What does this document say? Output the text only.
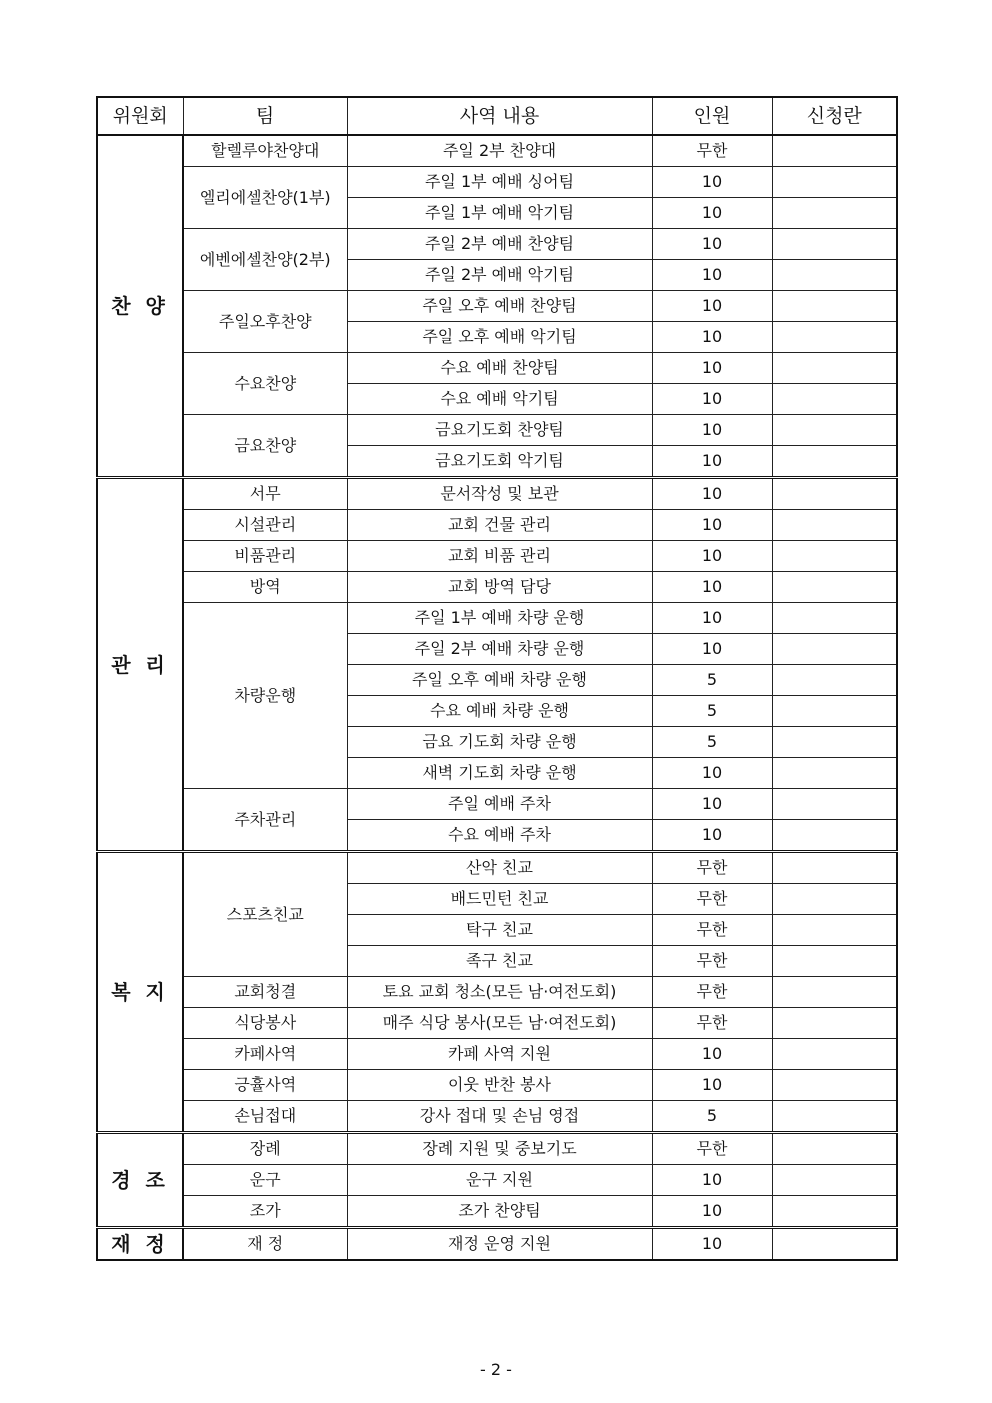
위원회	팀	사역 내용	인원	신청란
찬 양	할렐루야찬양대	주일 2부 찬양대	무한	
	엘리에셀찬양(1부)	주일 1부 예배 싱어팀	10	
		주일 1부 예배 악기팀	10	
	에벤에셀찬양(2부)	주일 2부 예배 찬양팀	10	
		주일 2부 예배 악기팀	10	
	주일오후찬양	주일 오후 예배 찬양팀	10	
		주일 오후 예배 악기팀	10	
	수요찬양	수요 예배 찬양팀	10	
		수요 예배 악기팀	10	
	금요찬양	금요기도회 찬양팀	10	
		금요기도회 악기팀	10	
관 리	서무	문서작성 및 보관	10	
	시설관리	교회 건물 관리	10	
	비품관리	교회 비품 관리	10	
	방역	교회 방역 담당	10	
	차량운행	주일 1부 예배 차량 운행	10	
		주일 2부 예배 차량 운행	10	
		주일 오후 예배 차량 운행	5	
		수요 예배 차량 운행	5	
		금요 기도회 차량 운행	5	
		새벽 기도회 차량 운행	10	
	주차관리	주일 예배 주차	10	
		수요 예배 주차	10	
복 지	스포츠친교	산악 친교	무한	
		배드민턴 친교	무한	
		탁구 친교	무한	
		족구 친교	무한	
	교회청결	토요 교회 청소(모든 남·여전도회)	무한	
	식당봉사	매주 식당 봉사(모든 남·여전도회)	무한	
	카페사역	카페 사역 지원	10	
	긍휼사역	이웃 반찬 봉사	10	
	손님접대	강사 접대 및 손님 영접	5	
경 조	장례	장례 지원 및 중보기도	무한	
	운구	운구 지원	10	
	조가	조가 찬양팀	10	
재 정	재 정	재정 운영 지원	10	
- 2 -
